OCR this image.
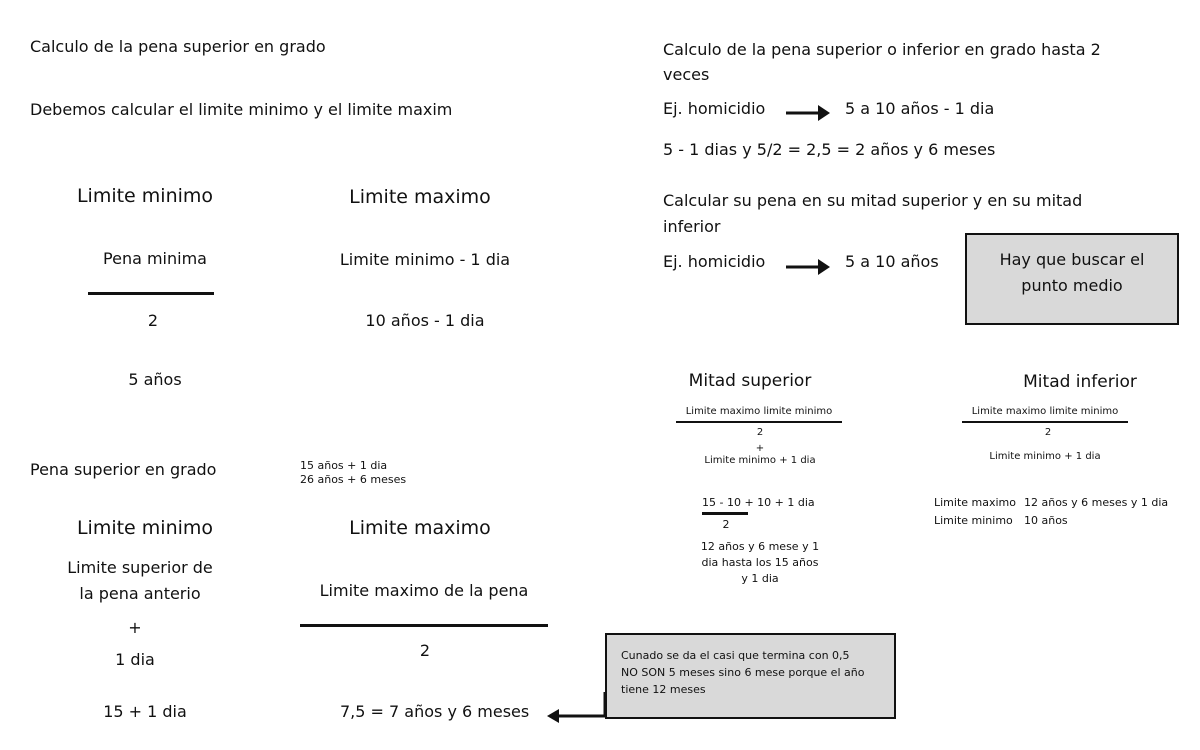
Calculo de la pena superior en grado
Debemos calcular el limite minimo y el limite maxim
Limite minimo	Limite maximo
Pena minima
2
Limite minimo - 1 dia
10 años - 1 dia
5 años
Pena superior en grado	15 años + 1 dia
26 años + 6 meses
Limite minimo	Limite maximo
Limite superior de
la pena anterio
+
1 dia
15 + 1 dia
Limite maximo de la pena
2
7,5 = 7 años y 6 meses
Calculo de la pena superior o inferior en grado hasta 2
veces
Ej. homicidio	5 a 10 años - 1 dia
5 - 1 dias y 5/2 = 2,5 = 2 años y 6 meses
Calcular su pena en su mitad superior y en su mitad
inferior
Ej. homicidio	5 a 10 años	Hay que buscar el
punto medio
Mitad superior
Limite maximo limite minimo
2
+
Limite minimo + 1 dia
15 - 10 + 10 + 1 dia
2
12 años y 6 mese y 1
dia hasta los 15 años
y 1 dia
Mitad inferior
Limite maximo limite minimo
2
Limite minimo + 1 dia
Limite maximo 12 años y 6 meses y 1 dia
Limite minimo 10 años
Cunado se da el casi que termina con 0,5
NO SON 5 meses sino 6 mese porque el año
tiene 12 meses
